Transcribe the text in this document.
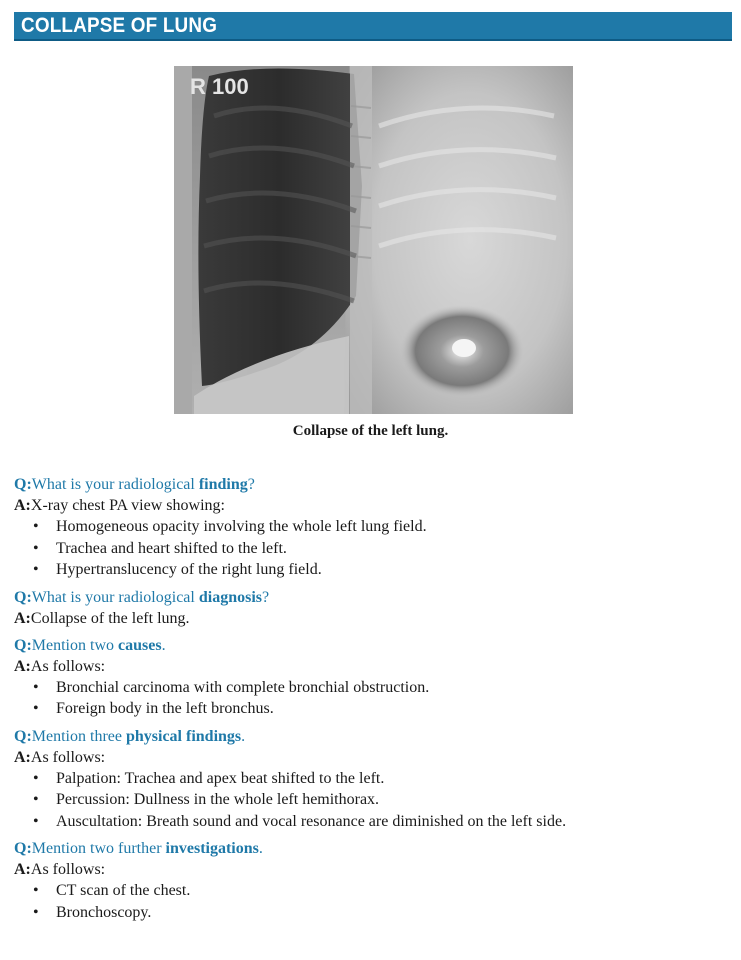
COLLAPSE OF LUNG
R 100
Collapse of the left lung.
Q:What is your radiological finding?
A:X-ray chest PA view showing:
• Homogeneous opacity involving the whole left lung field.
• Trachea and heart shifted to the left.
• Hypertranslucency of the right lung field.
Q:What is your radiological diagnosis?
A:Collapse of the left lung.
Q:Mention two causes.
A:As follows:
• Bronchial carcinoma with complete bronchial obstruction.
• Foreign body in the left bronchus.
Q:Mention three physical findings.
A:As follows:
• Palpation: Trachea and apex beat shifted to the left.
• Percussion: Dullness in the whole left hemithorax.
• Auscultation: Breath sound and vocal resonance are diminished on the left side.
Q:Mention two further investigations.
A:As follows:
• CT scan of the chest.
• Bronchoscopy.
